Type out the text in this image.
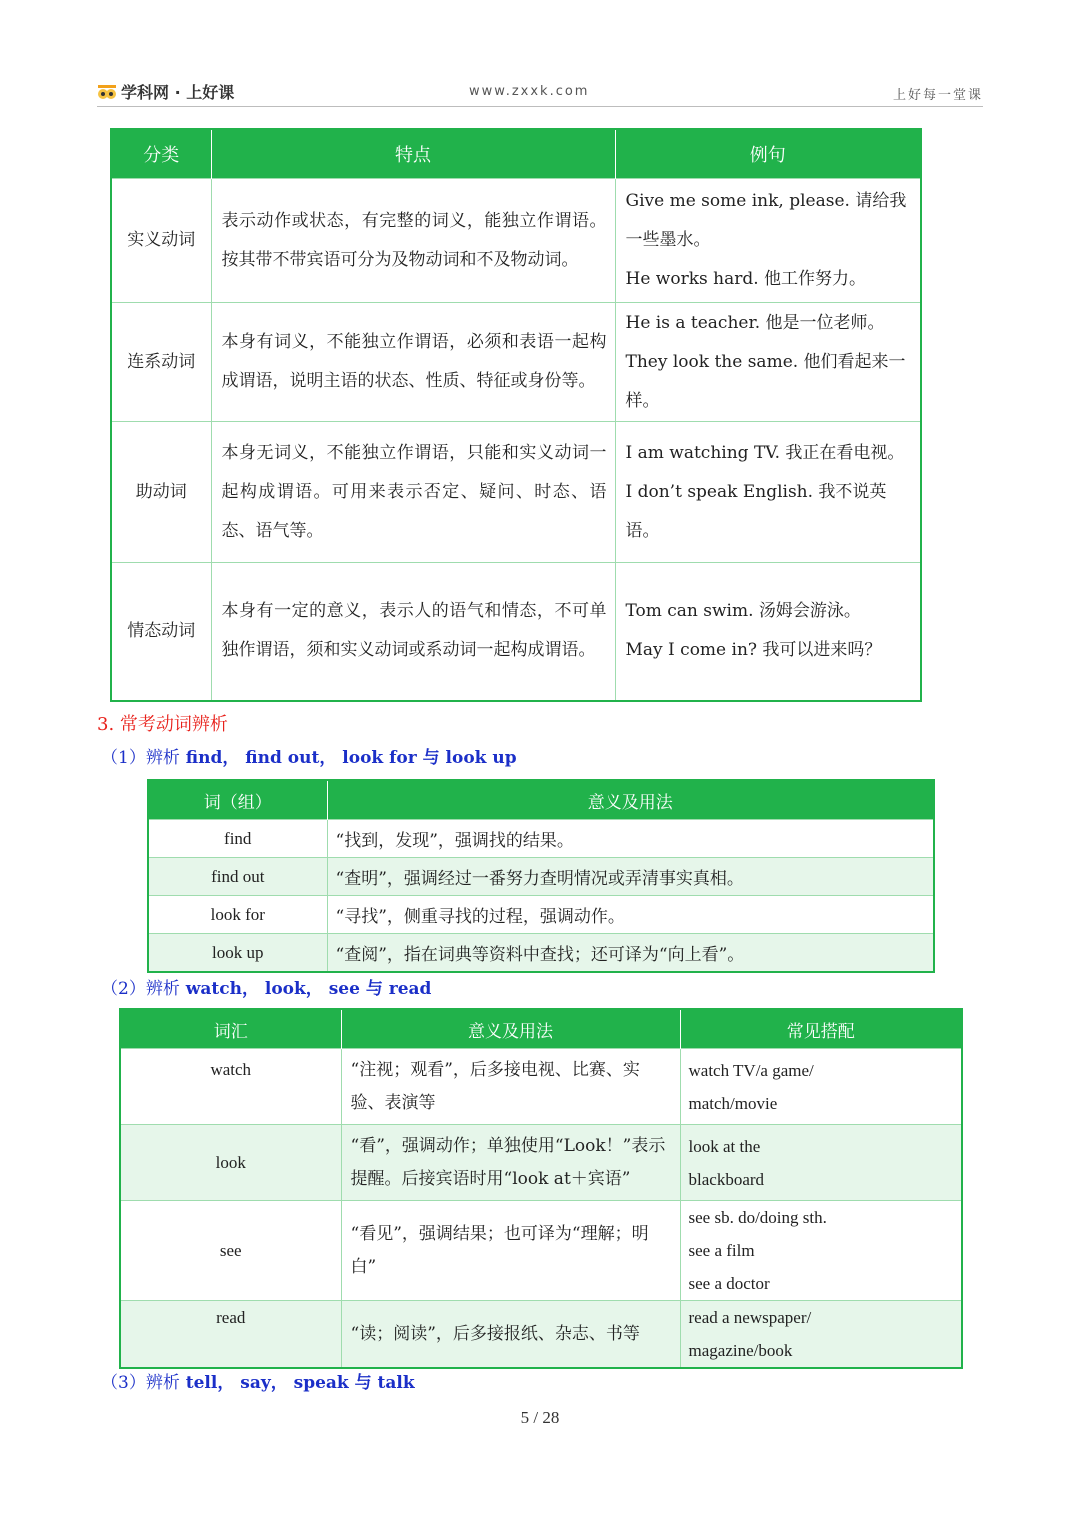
学科网 · 上好课	www.zxxk.com	上好每一堂课
分类	特点	例句
实义动词	表示动作或状态，有完整的词义，能独立作谓语。按其带不带宾语可分为及物动词和不及物动词。	Give me some ink, please. 请给我一些墨水。

He works hard. 他工作努力。

连系动词	本身有词义，不能独立作谓语，必须和表语一起构成谓语，说明主语的状态、性质、特征或身份等。	He is a teacher. 他是一位老师。

They look the same. 他们看起来一样。

助动词	本身无词义，不能独立作谓语，只能和实义动词一起构成谓语。可用来表示否定、疑问、时态、语态、语气等。	I am watching TV. 我正在看电视。

I don’t speak English. 我不说英语。

情态动词	本身有一定的意义，表示人的语气和情态，不可单独作谓语，须和实义动词或系动词一起构成谓语。	Tom can swim. 汤姆会游泳。

May I come in? 我可以进来吗？

3. 常考动词辨析
（1）辨析 find， find out， look for 与 look up
词（组）	意义及用法
find	“找到，发现”，强调找的结果。
find out	“查明”，强调经过一番努力查明情况或弄清事实真相。
look for	“寻找”，侧重寻找的过程，强调动作。
look up	“查阅”，指在词典等资料中查找；还可译为“向上看”。
（2）辨析 watch， look， see 与 read
词汇	意义及用法	常见搭配
watch	“注视；观看”，后多接电视、比赛、实验、表演等	watch TV/a game/

match/movie

look	“看”，强调动作；单独使用“Look！”表示提醒。后接宾语时用“look at＋宾语”	look at the

blackboard

see	“看见”，强调结果；也可译为“理解；明白”	see sb. do/doing sth.

see a film

see a doctor

read	“读；阅读”，后多接报纸、杂志、书等	read a newspaper/

magazine/book

（3）辨析 tell， say， speak 与 talk
5 / 28
